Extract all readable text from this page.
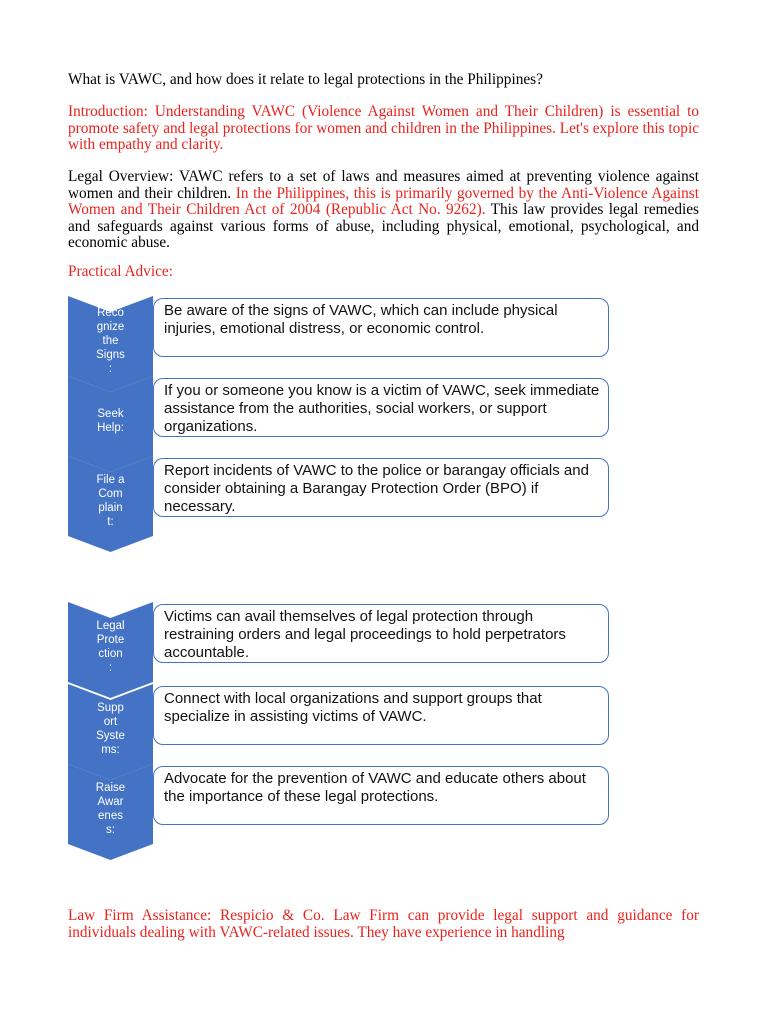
What is VAWC, and how does it relate to legal protections in the Philippines?

Introduction: Understanding VAWC (Violence Against Women and Their Children) is essential to promote safety and legal protections for women and children in the Philippines. Let's explore this topic with empathy and clarity.

Legal Overview: VAWC refers to a set of laws and measures aimed at preventing violence against women and their children. In the Philippines, this is primarily governed by the Anti-Violence Against Women and Their Children Act of 2004 (Republic Act No. 9262). This law provides legal remedies and safeguards against various forms of abuse, including physical, emotional, psychological, and economic abuse.

Practical Advice:

Reco
gnize
the
Signs
:
Be aware of the signs of VAWC, which can include physical injuries, emotional distress, or economic control.
Seek
Help:
If you or someone you know is a victim of VAWC, seek immediate assistance from the authorities, social workers, or support organizations.
File a
Com
plain
t:
Report incidents of VAWC to the police or barangay officials and consider obtaining a Barangay Protection Order (BPO) if necessary.
Legal
Prote
ction
:
Victims can avail themselves of legal protection through restraining orders and legal proceedings to hold perpetrators accountable.
Supp
ort
Syste
ms:
Connect with local organizations and support groups that specialize in assisting victims of VAWC.
Raise
Awar
enes
s:
Advocate for the prevention of VAWC and educate others about the importance of these legal protections.

Law Firm Assistance: Respicio & Co. Law Firm can provide legal support and guidance for individuals dealing with VAWC-related issues. They have experience in handling
